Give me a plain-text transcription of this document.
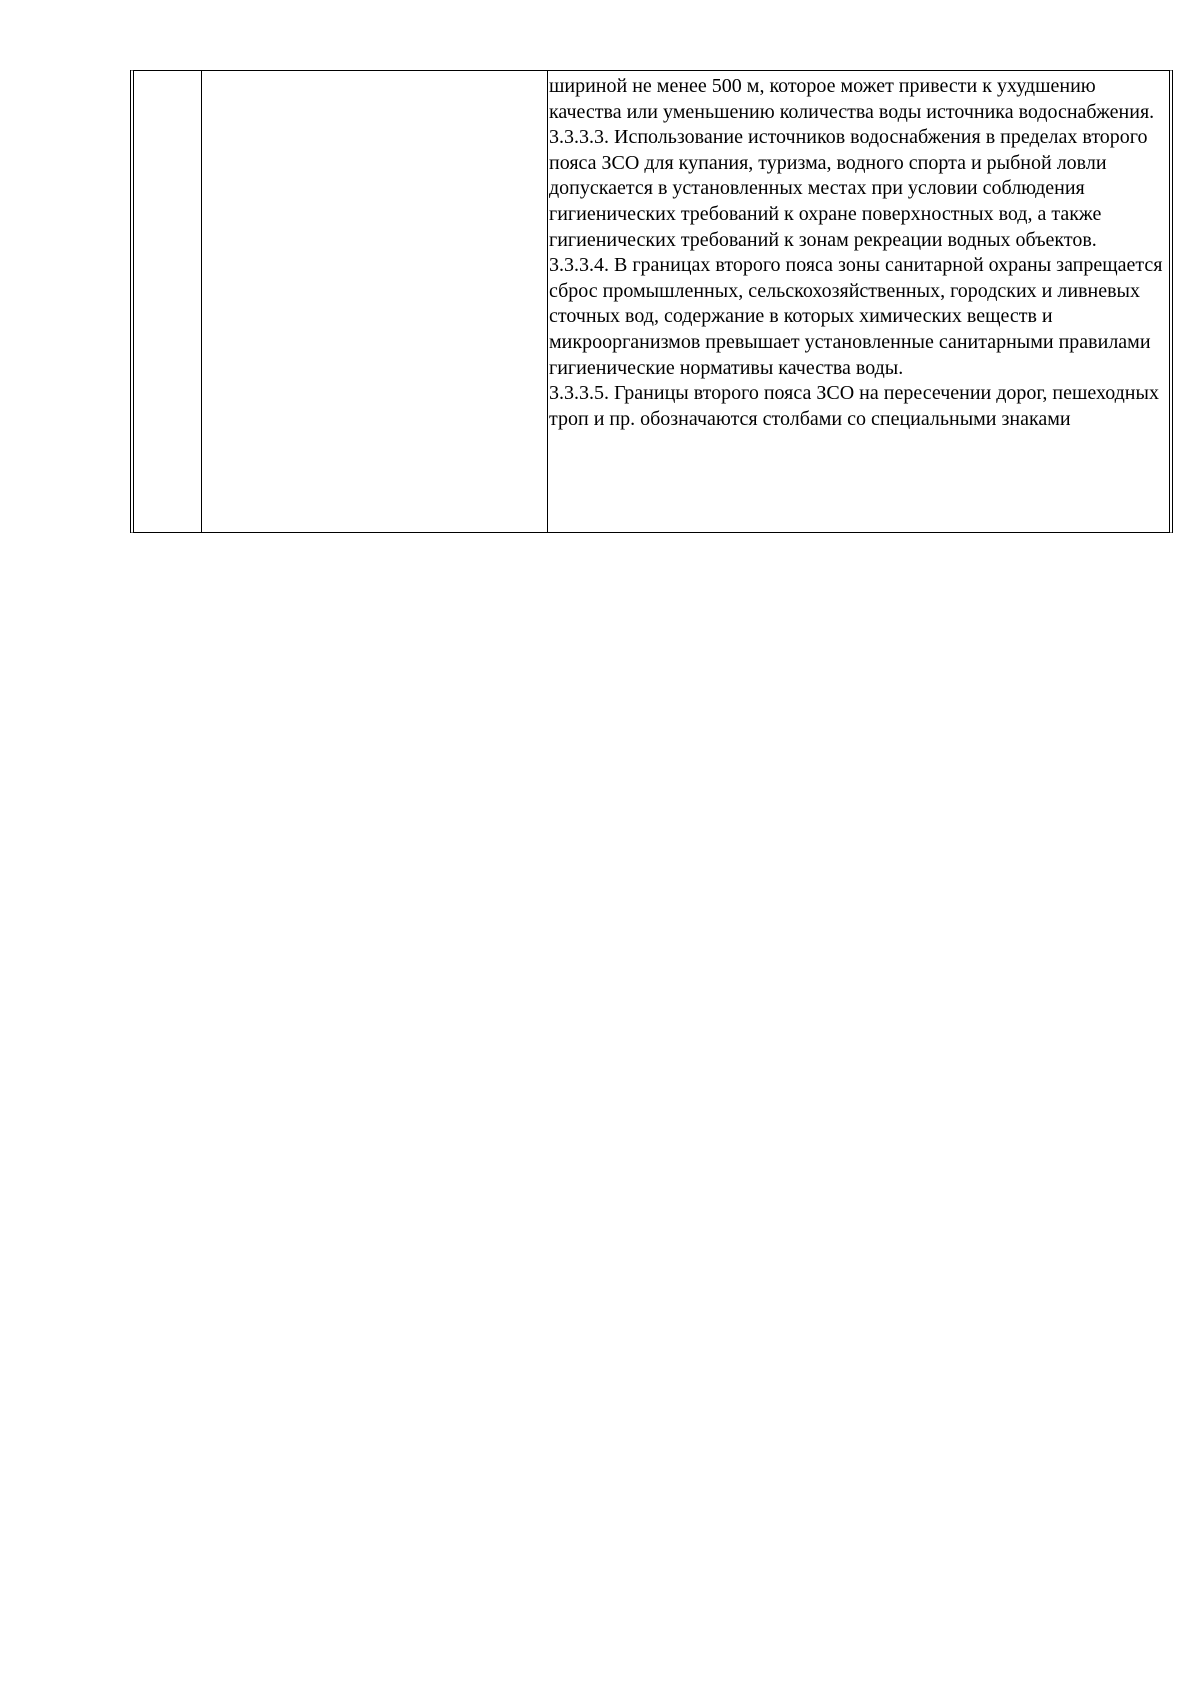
шириной не менее 500 м, которое может привести к ухудшению качества или уменьшению количества воды источника водоснабжения.

3.3.3.3. Использование источников водоснабжения в пределах второго пояса ЗСО для купания, туризма, водного спорта и рыбной ловли допускается в установленных местах при условии соблюдения гигиенических требований к охране поверхностных вод, а также гигиенических требований к зонам рекреации водных объектов.

3.3.3.4. В границах второго пояса зоны санитарной охраны запрещается сброс промышленных, сельскохозяйственных, городских и ливневых сточных вод, содержание в которых химических веществ и микроорганизмов превышает установленные санитарными правилами гигиенические нормативы качества воды.

3.3.3.5. Границы второго пояса ЗСО на пересечении дорог, пешеходных троп и пр. обозначаются столбами со специальными знаками
